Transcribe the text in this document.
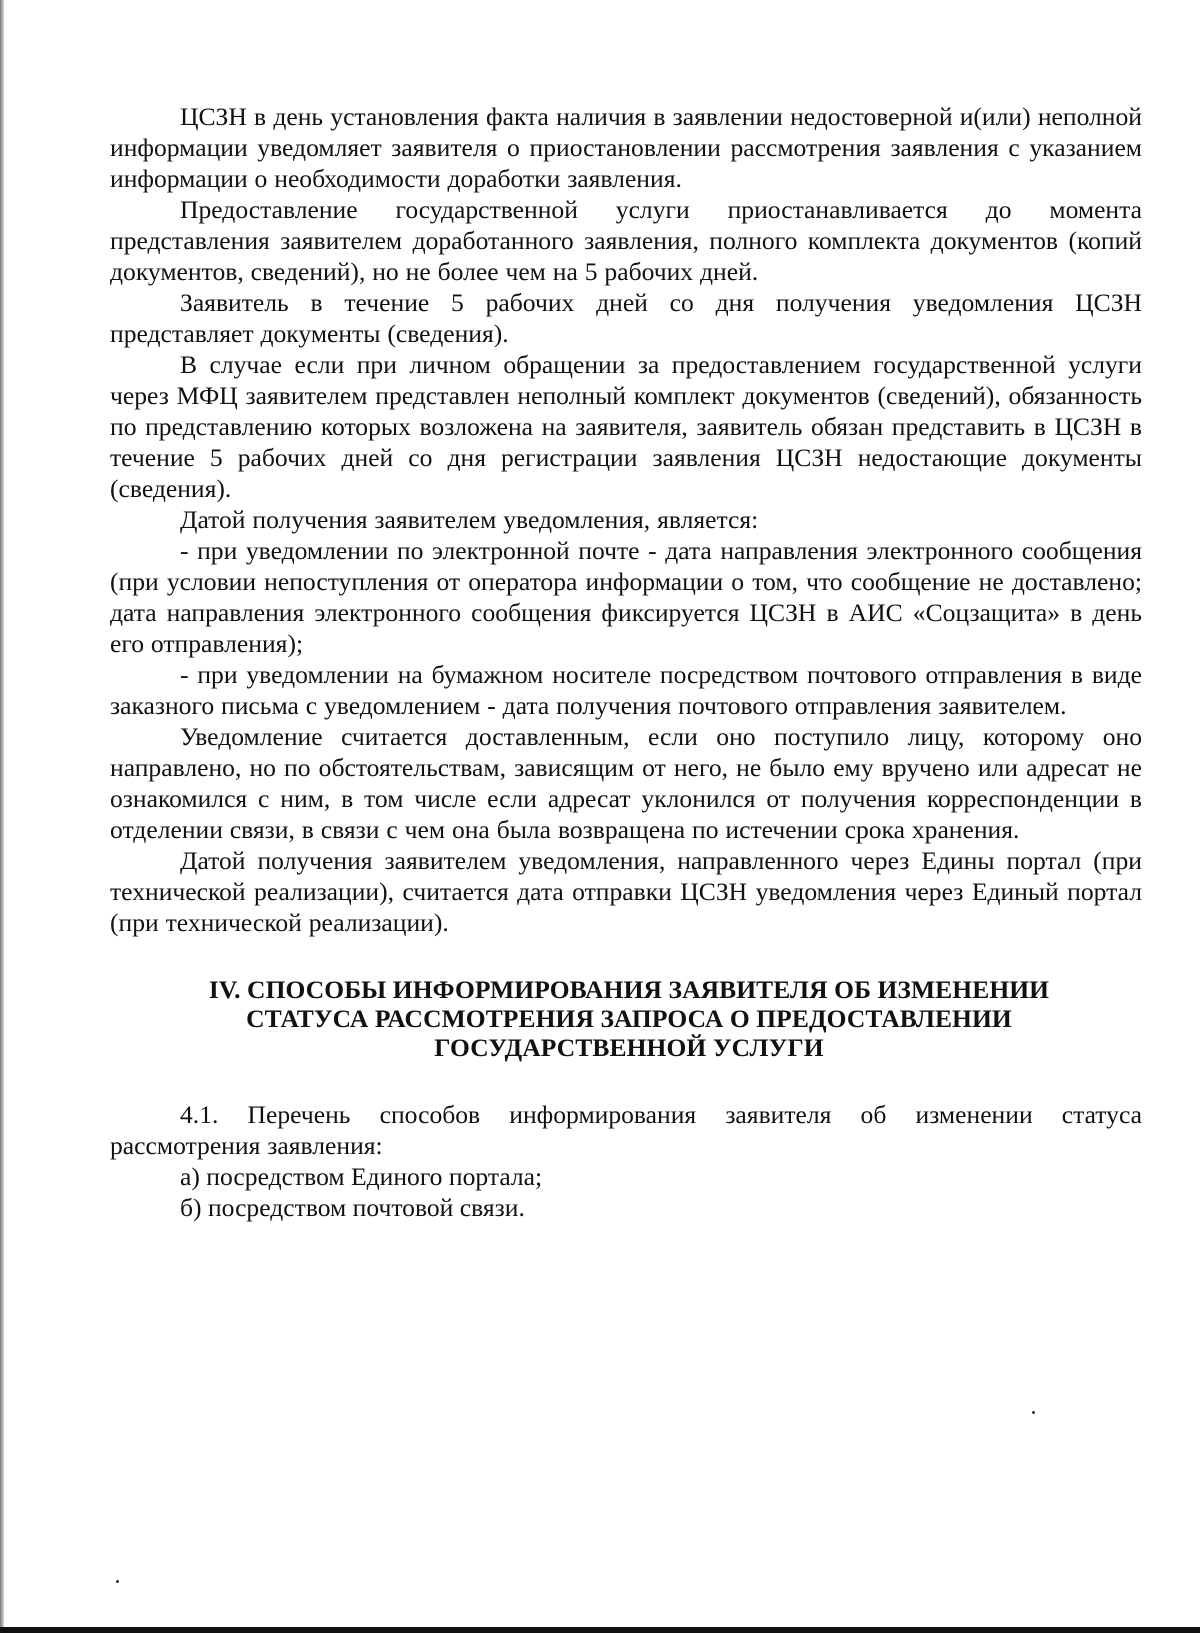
ЦСЗН в день установления факта наличия в заявлении недостоверной и(или) неполной информации уведомляет заявителя о приостановлении рассмотрения заявления с указанием информации о необходимости доработки заявления.

Предоставление государственной услуги приостанавливается до момента представления заявителем доработанного заявления, полного комплекта документов (копий документов, сведений), но не более чем на 5 рабочих дней.

Заявитель в течение 5 рабочих дней со дня получения уведомления ЦСЗН представляет документы (сведения).

В случае если при личном обращении за предоставлением государственной услуги через МФЦ заявителем представлен неполный комплект документов (сведений), обязанность по представлению которых возложена на заявителя, заявитель обязан представить в ЦСЗН в течение 5 рабочих дней со дня регистрации заявления ЦСЗН недостающие документы (сведения).

Датой получения заявителем уведомления, является:

- при уведомлении по электронной почте - дата направления электронного сообщения (при условии непоступления от оператора информации о том, что сообщение не доставлено; дата направления электронного сообщения фиксируется ЦСЗН в АИС «Соцзащита» в день его отправления);

- при уведомлении на бумажном носителе посредством почтового отправления в виде заказного письма с уведомлением - дата получения почтового отправления заявителем.

Уведомление считается доставленным, если оно поступило лицу, которому оно направлено, но по обстоятельствам, зависящим от него, не было ему вручено или адресат не ознакомился с ним, в том числе если адресат уклонился от получения корреспонденции в отделении связи, в связи с чем она была возвращена по истечении срока хранения.

Датой получения заявителем уведомления, направленного через Едины портал (при техничeской реализации), считается дата отправки ЦСЗН уведомления через Единый портал (при технической реализации).

IV. СПОСОБЫ ИНФОРМИРОВАНИЯ ЗАЯВИТЕЛЯ ОБ ИЗМЕНЕНИИ
СТАТУСА РАССМОТРЕНИЯ ЗАПРОСА О ПРЕДОСТАВЛЕНИИ
ГОСУДАРСТВЕННОЙ УСЛУГИ

4.1. Перечень способов информирования заявителя об изменении статуса рассмотрения заявления:

а) посредством Единого портала;

б) посредством почтовой связи.
